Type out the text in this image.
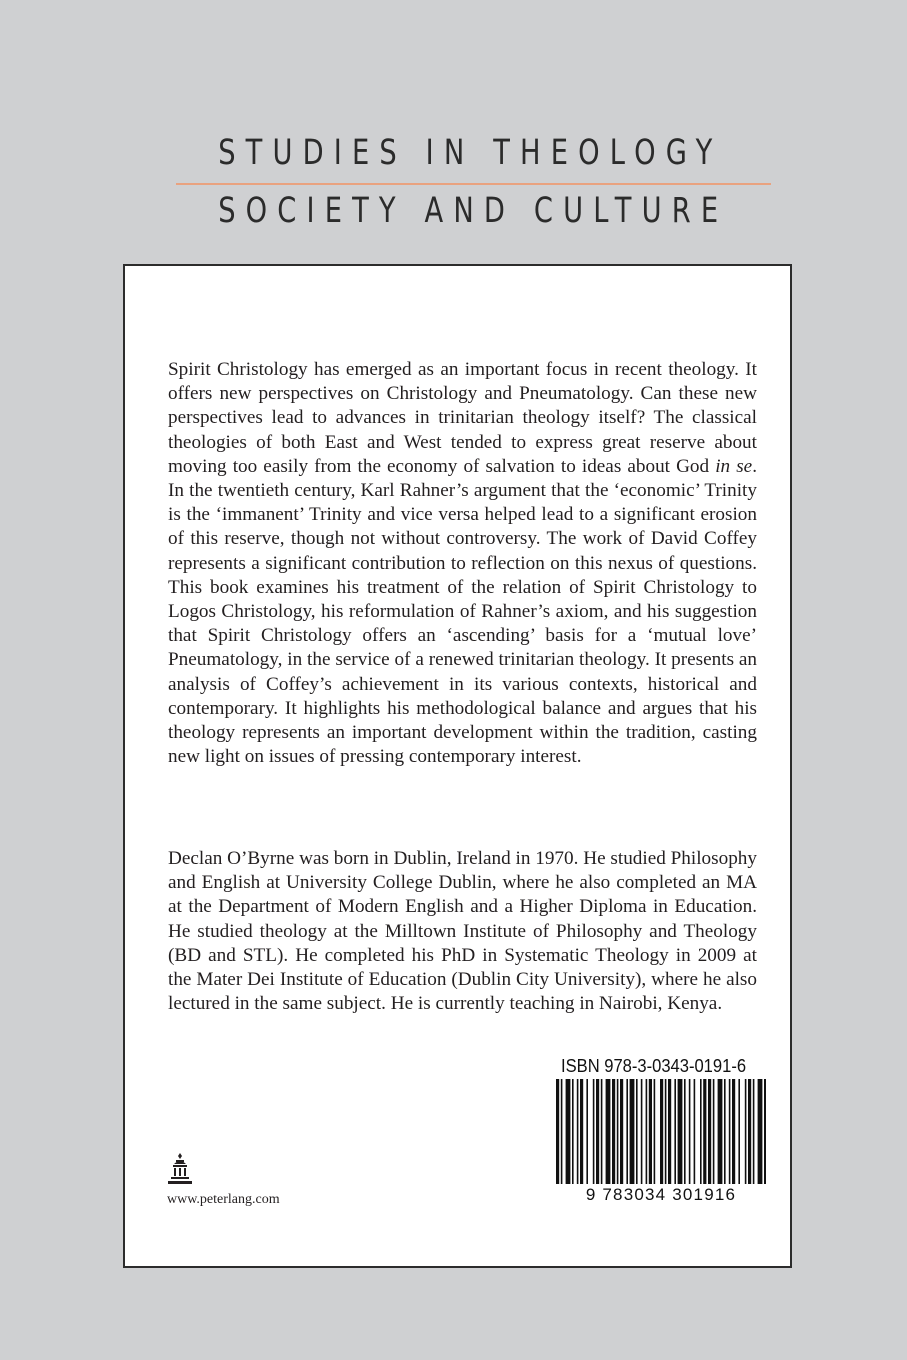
STUDIES IN THEOLOGY
SOCIETY AND CULTURE

Spirit Christology has emerged as an important focus in recent theology. It offers new perspectives on Christology and Pneumatology. Can these new perspectives lead to advances in trinitarian theology itself? The classical theologies of both East and West tended to express great reserve about moving too easily from the economy of salvation to ideas about God in se. In the twentieth century, Karl Rahner’s argument that the ‘economic’ Trinity is the ‘immanent’ Trinity and vice versa helped lead to a significant erosion of this reserve, though not without controversy. The work of David Coffey represents a significant contribution to reflection on this nexus of questions. This book examines his treatment of the relation of Spirit Christology to Logos Christology, his reformulation of Rahner’s axiom, and his suggestion that Spirit Christology offers an ‘ascending’ basis for a ‘mutual love’ Pneumatology, in the service of a renewed trinitarian theology. It presents an analysis of Coffey’s achievement in its various contexts, historical and contemporary. It highlights his methodological balance and argues that his theology represents an important development within the tradition, casting new light on issues of pressing contemporary interest.

Declan O’Byrne was born in Dublin, Ireland in 1970. He studied Philosophy and English at University College Dublin, where he also completed an MA at the Department of Modern English and a Higher Diploma in Education. He studied theology at the Milltown Institute of Philosophy and Theology (BD and STL). He completed his PhD in Systematic Theology in 2009 at the Mater Dei Institute of Education (Dublin City University), where he also lectured in the same subject. He is currently teaching in Nairobi, Kenya.

ISBN 978-3-0343-0191-6
9 783034 301916
www.peterlang.com
